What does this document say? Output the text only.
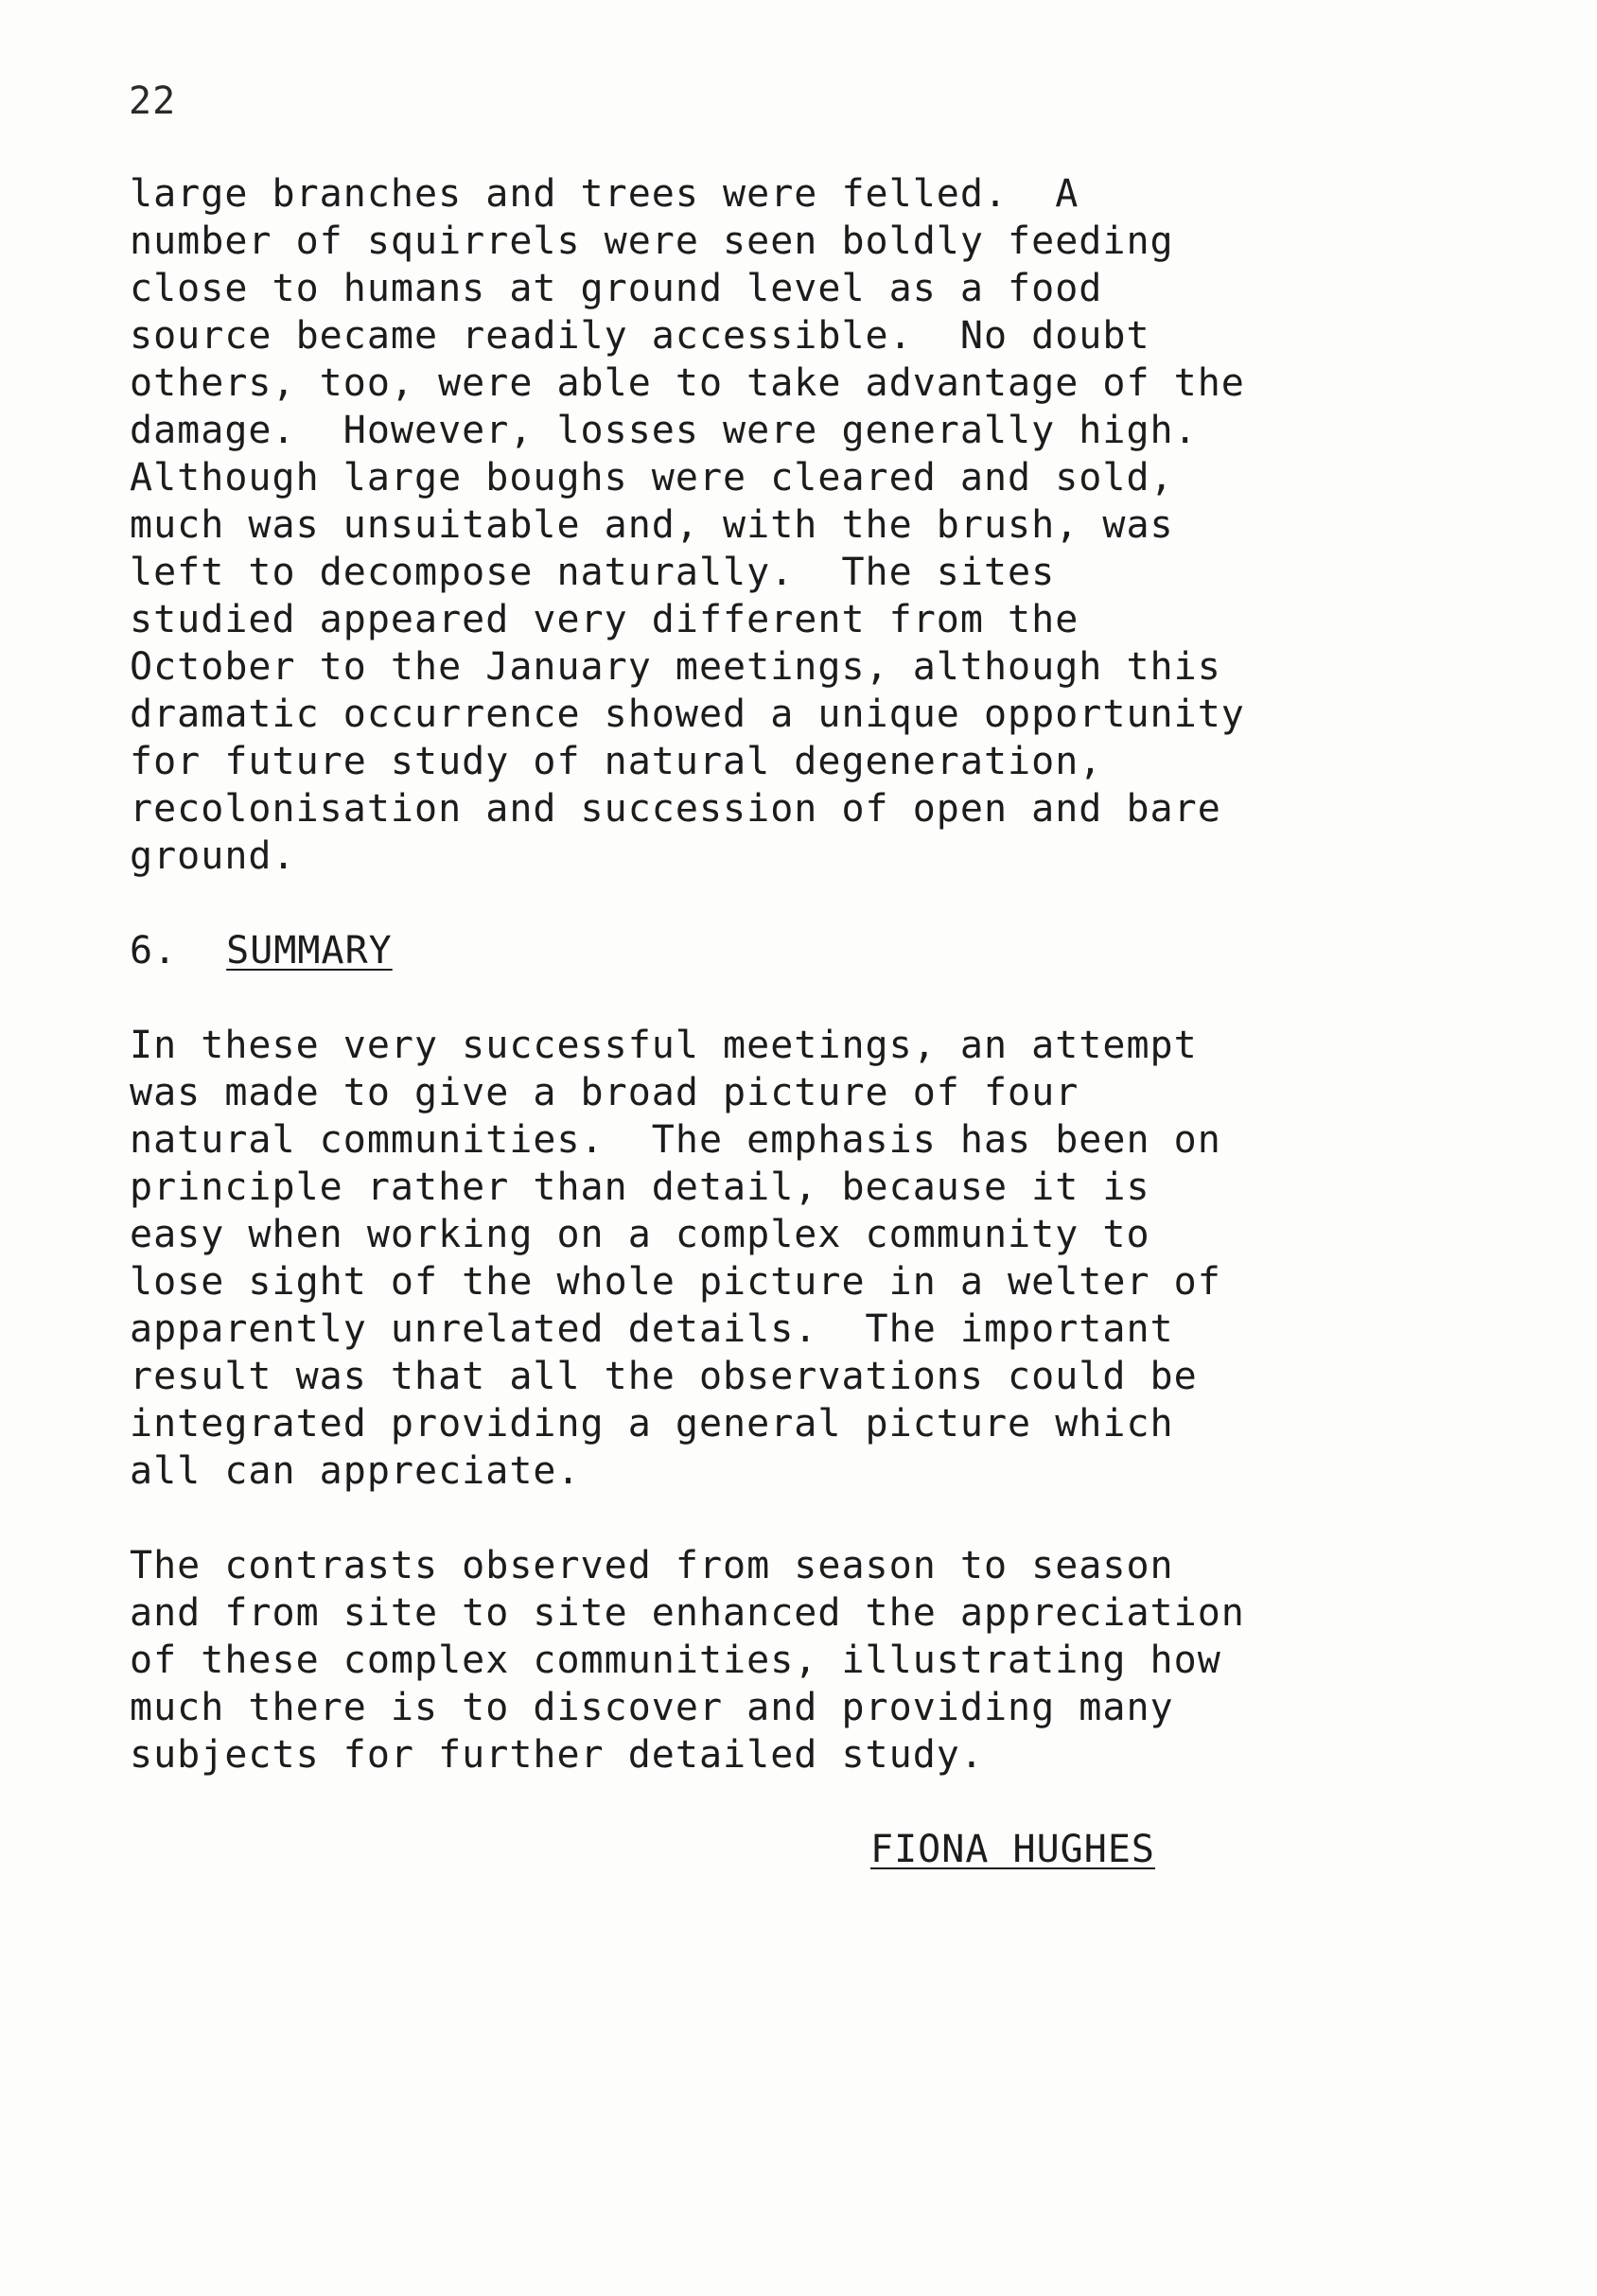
22
large branches and trees were felled.  A
number of squirrels were seen boldly feeding
close to humans at ground level as a food
source became readily accessible.  No doubt
others, too, were able to take advantage of the
damage.  However, losses were generally high.
Although large boughs were cleared and sold,
much was unsuitable and, with the brush, was
left to decompose naturally.  The sites
studied appeared very different from the
October to the January meetings, although this
dramatic occurrence showed a unique opportunity
for future study of natural degeneration,
recolonisation and succession of open and bare
ground.
6. SUMMARY
In these very successful meetings, an attempt
was made to give a broad picture of four
natural communities.  The emphasis has been on
principle rather than detail, because it is
easy when working on a complex community to
lose sight of the whole picture in a welter of
apparently unrelated details.  The important
result was that all the observations could be
integrated providing a general picture which
all can appreciate.
The contrasts observed from season to season
and from site to site enhanced the appreciation
of these complex communities, illustrating how
much there is to discover and providing many
subjects for further detailed study.
FIONA HUGHES
